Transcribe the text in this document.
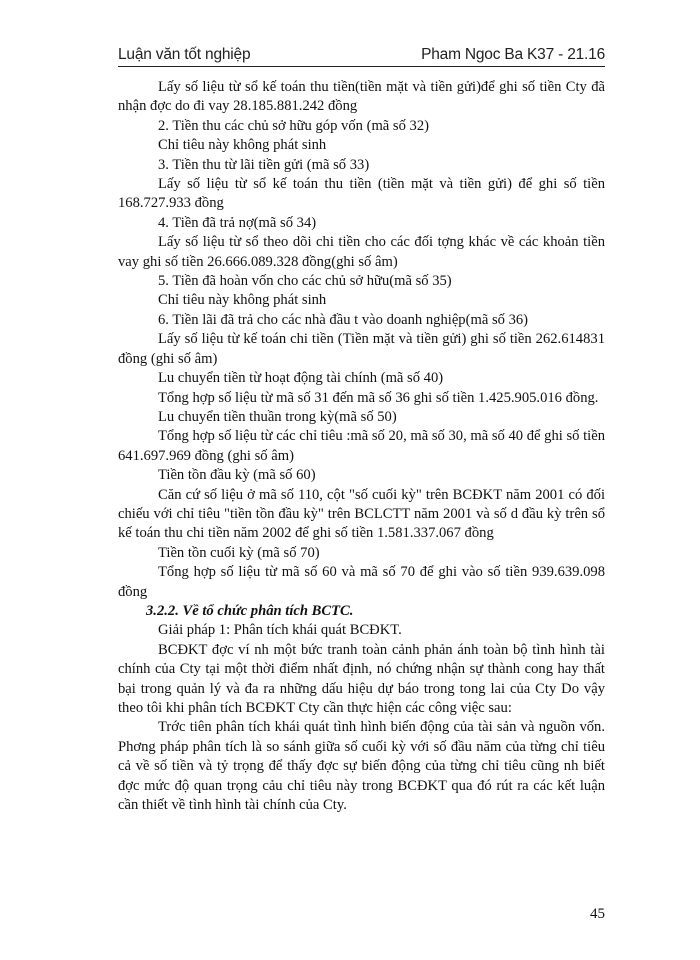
Luận văn tốt nghiệp	Pham Ngoc Ba K37 - 21.16

Lấy số liệu từ sổ kế toán thu tiền(tiền mặt và tiền gửi)để ghi số tiền Cty đã nhận đợc do đi vay 28.185.881.242 đồng

2. Tiền thu các chủ sở hữu góp vốn (mã số 32)

Chỉ tiêu này không phát sinh

3. Tiền thu từ lãi tiền gửi (mã số 33)

Lấy số liệu từ sổ kế toán thu tiền (tiền mặt và tiền gửi) để ghi số tiền 168.727.933 đồng

4. Tiền đã trả nợ(mã số 34)

Lấy số liệu từ sổ theo dõi chi tiền cho các đối tợng khác về các khoản tiền vay ghi số tiền 26.666.089.328 đồng(ghi số âm)

5. Tiền đã hoàn vốn cho các chủ sở hữu(mã số 35)

Chỉ tiêu này không phát sinh

6. Tiền lãi đã trả cho các nhà đầu t vào doanh nghiệp(mã số 36)

Lấy số liệu từ kế toán chi tiền (Tiền mặt và tiền gửi) ghi số tiền 262.614831 đồng (ghi số âm)

Lu chuyển tiền từ hoạt động tài chính (mã số 40)

Tổng hợp số liệu từ mã số 31 đến mã số 36 ghi số tiền 1.425.905.016 đồng.

Lu chuyển tiền thuần trong kỳ(mã số 50)

Tổng hợp số liệu từ các chỉ tiêu :mã số 20, mã số 30, mã số 40 để ghi số tiền 641.697.969 đồng (ghi số âm)

Tiền tồn đầu kỳ (mã số 60)

Căn cứ số liệu ở mã số 110, cột "số cuối kỳ" trên BCĐKT năm 2001 có đối chiếu với chỉ tiêu "tiền tồn đầu kỳ" trên BCLCTT năm 2001 và số d đầu kỳ trên sổ kế toán thu chi tiền năm 2002 để ghi số tiền 1.581.337.067 đồng

Tiền tồn cuối kỳ (mã số 70)

Tổng hợp số liệu từ mã số 60 và mã số 70 để ghi vào số tiền 939.639.098 đồng

3.2.2. Về tổ chức phân tích BCTC.

Giải pháp 1: Phân tích khái quát BCĐKT.

BCĐKT đợc ví nh một bức tranh toàn cảnh phản ánh toàn bộ tình hình tài chính của Cty tại một thời điểm nhất định, nó chứng nhận sự thành cong hay thất bại trong quản lý và đa ra những dấu hiệu dự báo trong tong lai của Cty Do vậy theo tôi khi phân tích BCĐKT Cty cần thực hiện các công việc sau:

Trớc tiên phân tích khái quát tình hình biến động của tài sản và nguồn vốn. Phơng pháp phân tích là so sánh giữa số cuối kỳ với số đầu năm của từng chỉ tiêu cả về số tiền và tỷ trọng để thấy đợc sự biến động của từng chỉ tiêu cũng nh biết đợc mức độ quan trọng cảu chỉ tiêu này trong BCĐKT qua đó rút ra các kết luận cần thiết về tình hình tài chính của Cty.

45
